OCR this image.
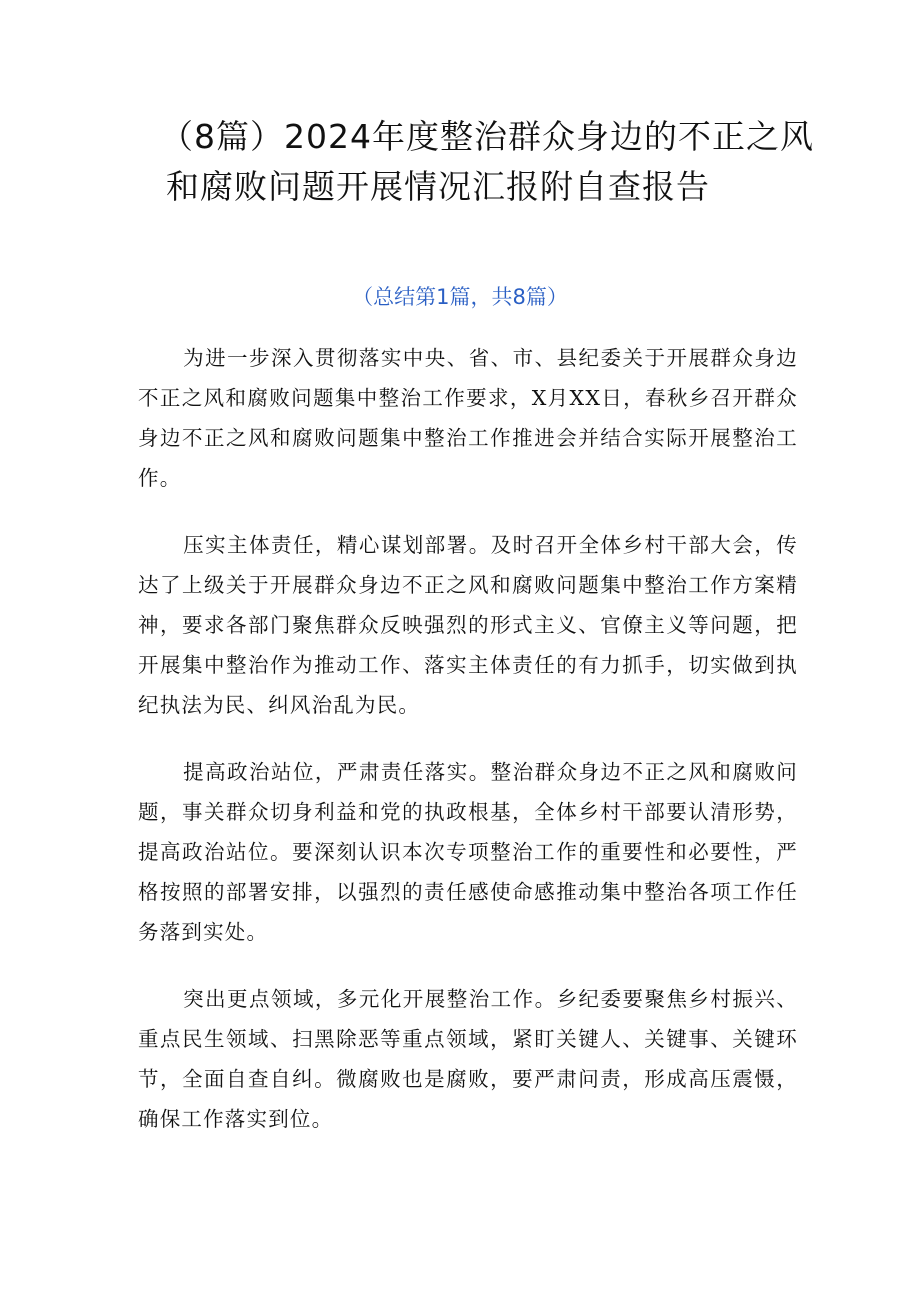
（8篇）2024年度整治群众身边的不正之风
和腐败问题开展情况汇报附自查报告
（总结第1篇，共8篇）

为进一步深入贯彻落实中央、省、市、县纪委关于开展群众身边不正之风和腐败问题集中整治工作要求，X月XX日，春秋乡召开群众身边不正之风和腐败问题集中整治工作推进会并结合实际开展整治工作。

压实主体责任，精心谋划部署。及时召开全体乡村干部大会，传达了上级关于开展群众身边不正之风和腐败问题集中整治工作方案精神，要求各部门聚焦群众反映强烈的形式主义、官僚主义等问题，把开展集中整治作为推动工作、落实主体责任的有力抓手，切实做到执纪执法为民、纠风治乱为民。

提高政治站位，严肃责任落实。整治群众身边不正之风和腐败问题，事关群众切身利益和党的执政根基，全体乡村干部要认清形势，提高政治站位。要深刻认识本次专项整治工作的重要性和必要性，严格按照的部署安排，以强烈的责任感使命感推动集中整治各项工作任务落到实处。

突出更点领域，多元化开展整治工作。乡纪委要聚焦乡村振兴、重点民生领域、扫黑除恶等重点领域，紧盯关键人、关键事、关键环节，全面自查自纠。微腐败也是腐败，要严肃问责，形成高压震慑，确保工作落实到位。
